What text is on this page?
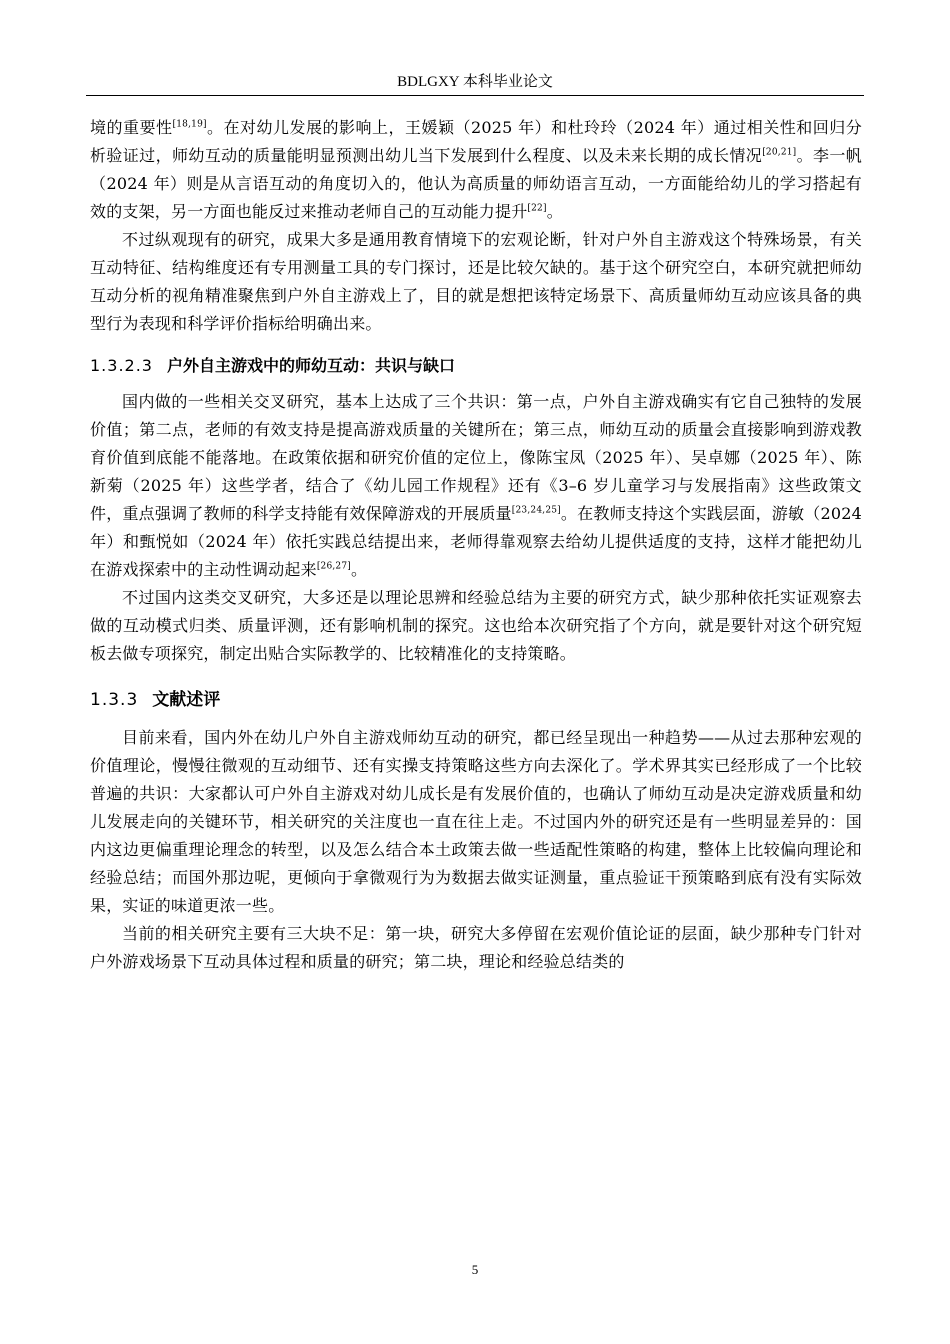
BDLGXY 本科毕业论文

境的重要性[18,19]。在对幼儿发展的影响上，王媛颖（2025 年）和杜玲玲（2024 年）通过相关性和回归分析验证过，师幼互动的质量能明显预测出幼儿当下发展到什么程度、以及未来长期的成长情况[20,21]。李一帆（2024 年）则是从言语互动的角度切入的，他认为高质量的师幼语言互动，一方面能给幼儿的学习搭起有效的支架，另一方面也能反过来推动老师自己的互动能力提升[22]。

不过纵观现有的研究，成果大多是通用教育情境下的宏观论断，针对户外自主游戏这个特殊场景，有关互动特征、结构维度还有专用测量工具的专门探讨，还是比较欠缺的。基于这个研究空白，本研究就把师幼互动分析的视角精准聚焦到户外自主游戏上了，目的就是想把该特定场景下、高质量师幼互动应该具备的典型行为表现和科学评价指标给明确出来。

1.3.2.3 户外自主游戏中的师幼互动：共识与缺口

国内做的一些相关交叉研究，基本上达成了三个共识：第一点，户外自主游戏确实有它自己独特的发展价值；第二点，老师的有效支持是提高游戏质量的关键所在；第三点，师幼互动的质量会直接影响到游戏教育价值到底能不能落地。在政策依据和研究价值的定位上，像陈宝凤（2025 年）、吴卓娜（2025 年）、陈新菊（2025 年）这些学者，结合了《幼儿园工作规程》还有《3–6 岁儿童学习与发展指南》这些政策文件，重点强调了教师的科学支持能有效保障游戏的开展质量[23,24,25]。在教师支持这个实践层面，游敏（2024 年）和甄悦如（2024 年）依托实践总结提出来，老师得靠观察去给幼儿提供适度的支持，这样才能把幼儿在游戏探索中的主动性调动起来[26,27]。

不过国内这类交叉研究，大多还是以理论思辨和经验总结为主要的研究方式，缺少那种依托实证观察去做的互动模式归类、质量评测，还有影响机制的探究。这也给本次研究指了个方向，就是要针对这个研究短板去做专项探究，制定出贴合实际教学的、比较精准化的支持策略。

1.3.3 文献述评

目前来看，国内外在幼儿户外自主游戏师幼互动的研究，都已经呈现出一种趋势——从过去那种宏观的价值理论，慢慢往微观的互动细节、还有实操支持策略这些方向去深化了。学术界其实已经形成了一个比较普遍的共识：大家都认可户外自主游戏对幼儿成长是有发展价值的，也确认了师幼互动是决定游戏质量和幼儿发展走向的关键环节，相关研究的关注度也一直在往上走。不过国内外的研究还是有一些明显差异的：国内这边更偏重理论理念的转型，以及怎么结合本土政策去做一些适配性策略的构建，整体上比较偏向理论和经验总结；而国外那边呢，更倾向于拿微观行为为数据去做实证测量，重点验证干预策略到底有没有实际效果，实证的味道更浓一些。

当前的相关研究主要有三大块不足：第一块，研究大多停留在宏观价值论证的层面，缺少那种专门针对户外游戏场景下互动具体过程和质量的研究；第二块，理论和经验总结类的

5
